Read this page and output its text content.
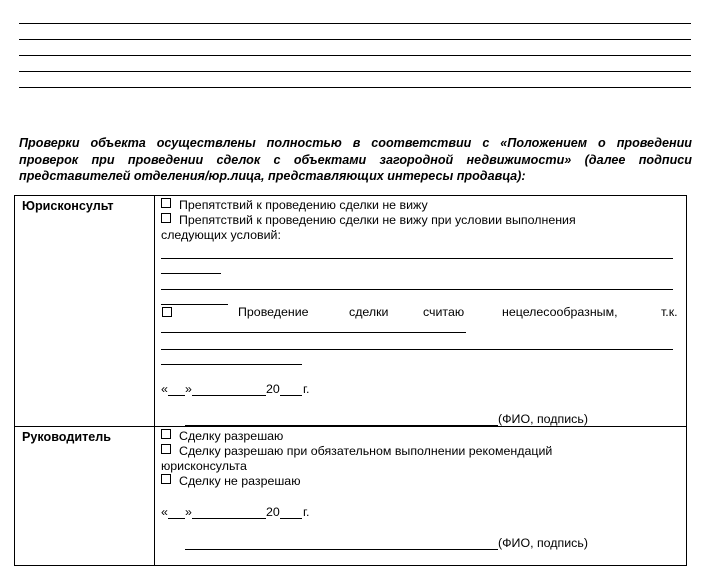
Проверки объекта осуществлены полностью в соответствии с «Положением о проведении
проверок при проведении сделок с объектами загородной недвижимости» (далее подписи
представителей отделения/юр.лица, представляющих интересы продавца):
Юрисконсульт	Препятствий к проведению сделки не вижу
Препятствий к проведению сделки не вижу при условии выполнения
следующих условий:
Проведение	сделки	считаю	нецелесообразным,	т.к.
« »	20 г.
(ФИО, подпись)
Руководитель	Сделку разрешаю
Сделку разрешаю при обязательном выполнении рекомендаций
юрисконсульта
Сделку не разрешаю
« »	20 г.
(ФИО, подпись)
